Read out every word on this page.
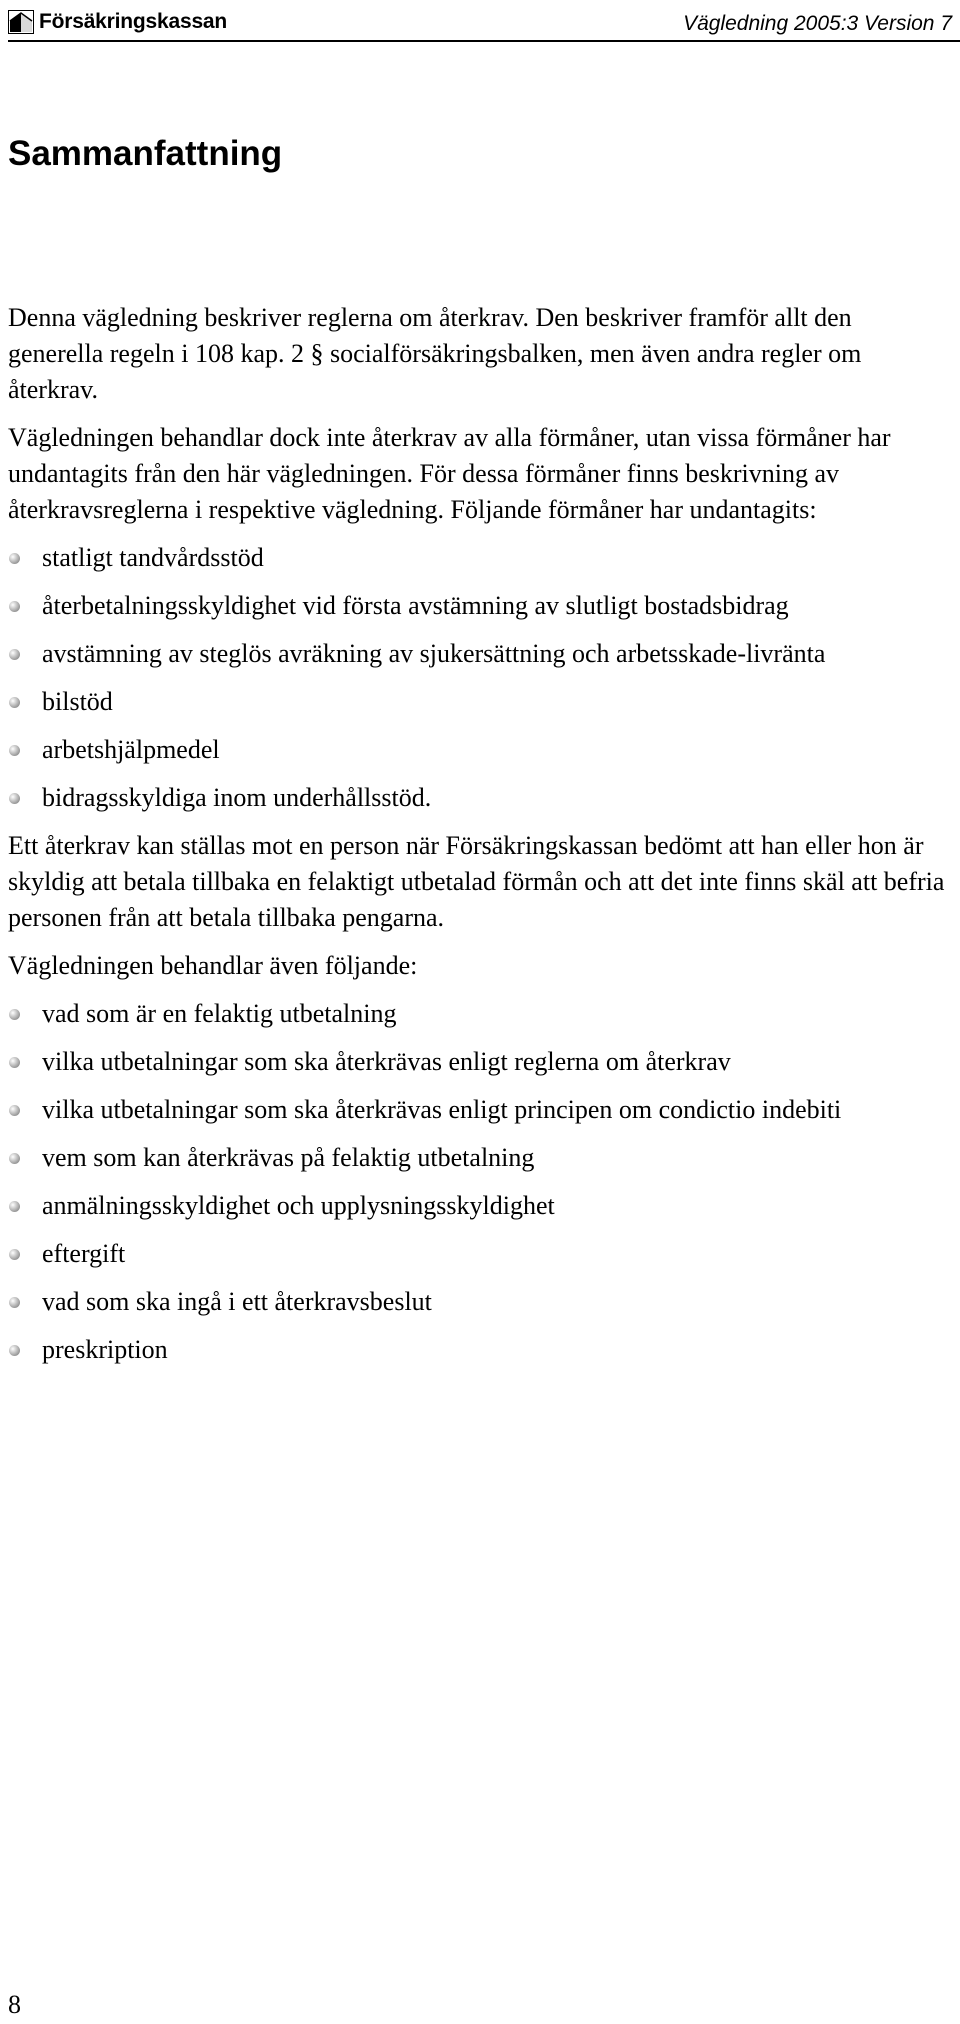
Försäkringskassan	Vägledning 2005:3 Version 7
Sammanfattning

Denna vägledning beskriver reglerna om återkrav. Den beskriver framför allt den generella regeln i 108 kap. 2 § socialförsäkringsbalken, men även andra regler om återkrav.

Vägledningen behandlar dock inte återkrav av alla förmåner, utan vissa förmåner har undantagits från den här vägledningen. För dessa förmåner finns beskrivning av återkravsreglerna i respektive vägledning. Följande förmåner har undantagits:

statligt tandvårdsstöd
återbetalningsskyldighet vid första avstämning av slutligt bostadsbidrag
avstämning av steglös avräkning av sjukersättning och arbetsskade-livränta
bilstöd
arbetshjälpmedel
bidragsskyldiga inom underhållsstöd.

Ett återkrav kan ställas mot en person när Försäkringskassan bedömt att han eller hon är skyldig att betala tillbaka en felaktigt utbetalad förmån och att det inte finns skäl att befria personen från att betala tillbaka pengarna.

Vägledningen behandlar även följande:

vad som är en felaktig utbetalning
vilka utbetalningar som ska återkrävas enligt reglerna om återkrav
vilka utbetalningar som ska återkrävas enligt principen om condictio indebiti
vem som kan återkrävas på felaktig utbetalning
anmälningsskyldighet och upplysningsskyldighet
eftergift
vad som ska ingå i ett återkravsbeslut
preskription
8
